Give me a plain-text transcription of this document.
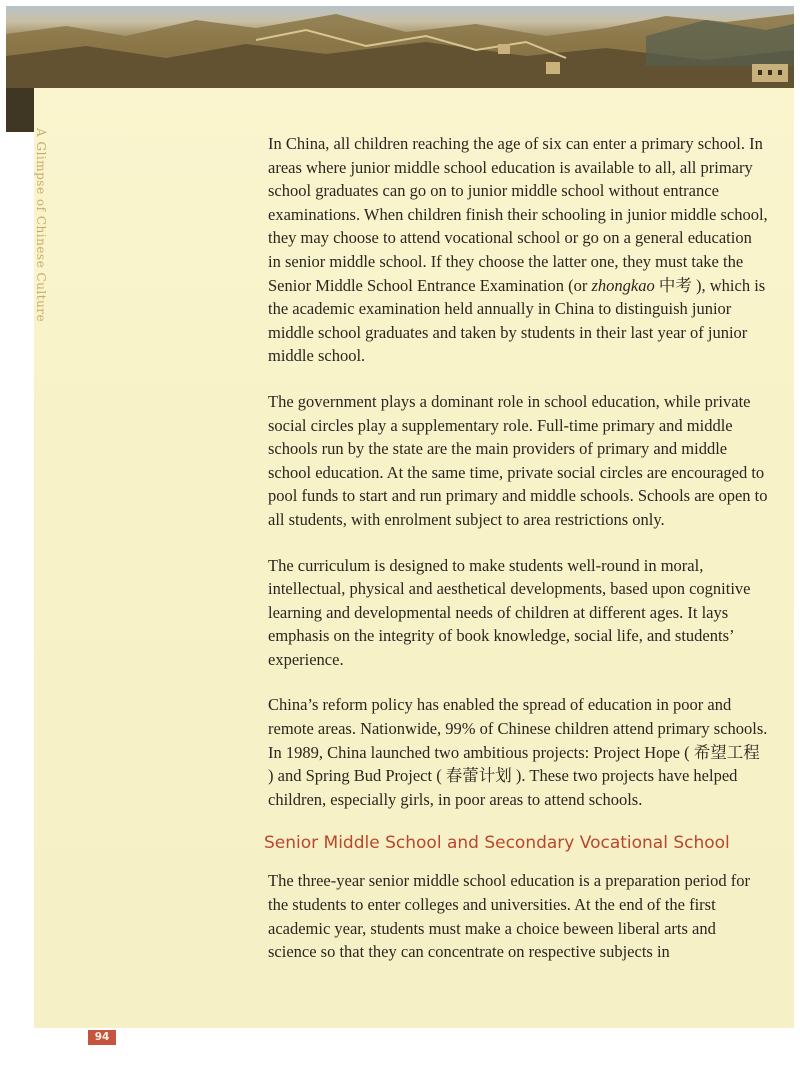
A Glimpse of Chinese Culture	In China, all children reaching the age of six can enter a primary school. In areas where junior middle school education is available to all, all primary school graduates can go on to junior middle school without entrance examinations. When children finish their schooling in junior middle school, they may choose to attend vocational school or go on a general education in senior middle school. If they choose the latter one, they must take the Senior Middle School Entrance Examination (or zhongkao 中考 ), which is the academic examination held annually in China to distinguish junior middle school graduates and taken by students in their last year of junior middle school.

The government plays a dominant role in school education, while private social circles play a supplementary role. Full-time primary and middle schools run by the state are the main providers of primary and middle school education. At the same time, private social circles are encouraged to pool funds to start and run primary and middle schools. Schools are open to all students, with enrolment subject to area restrictions only.

The curriculum is designed to make students well-round in moral, intellectual, physical and aesthetical developments, based upon cognitive learning and developmental needs of children at different ages. It lays emphasis on the integrity of book knowledge, social life, and students’ experience.

China’s reform policy has enabled the spread of education in poor and remote areas. Nationwide, 99% of Chinese children attend primary schools. In 1989, China launched two ambitious projects: Project Hope ( 希望工程 ) and Spring Bud Project ( 春蕾计划 ). These two projects have helped children, especially girls, in poor areas to attend schools.

Senior Middle School and Secondary Vocational School

The three-year senior middle school education is a preparation period for the students to enter colleges and universities. At the end of the first academic year, students must make a choice beween liberal arts and science so that they can concentrate on respective subjects in

94
